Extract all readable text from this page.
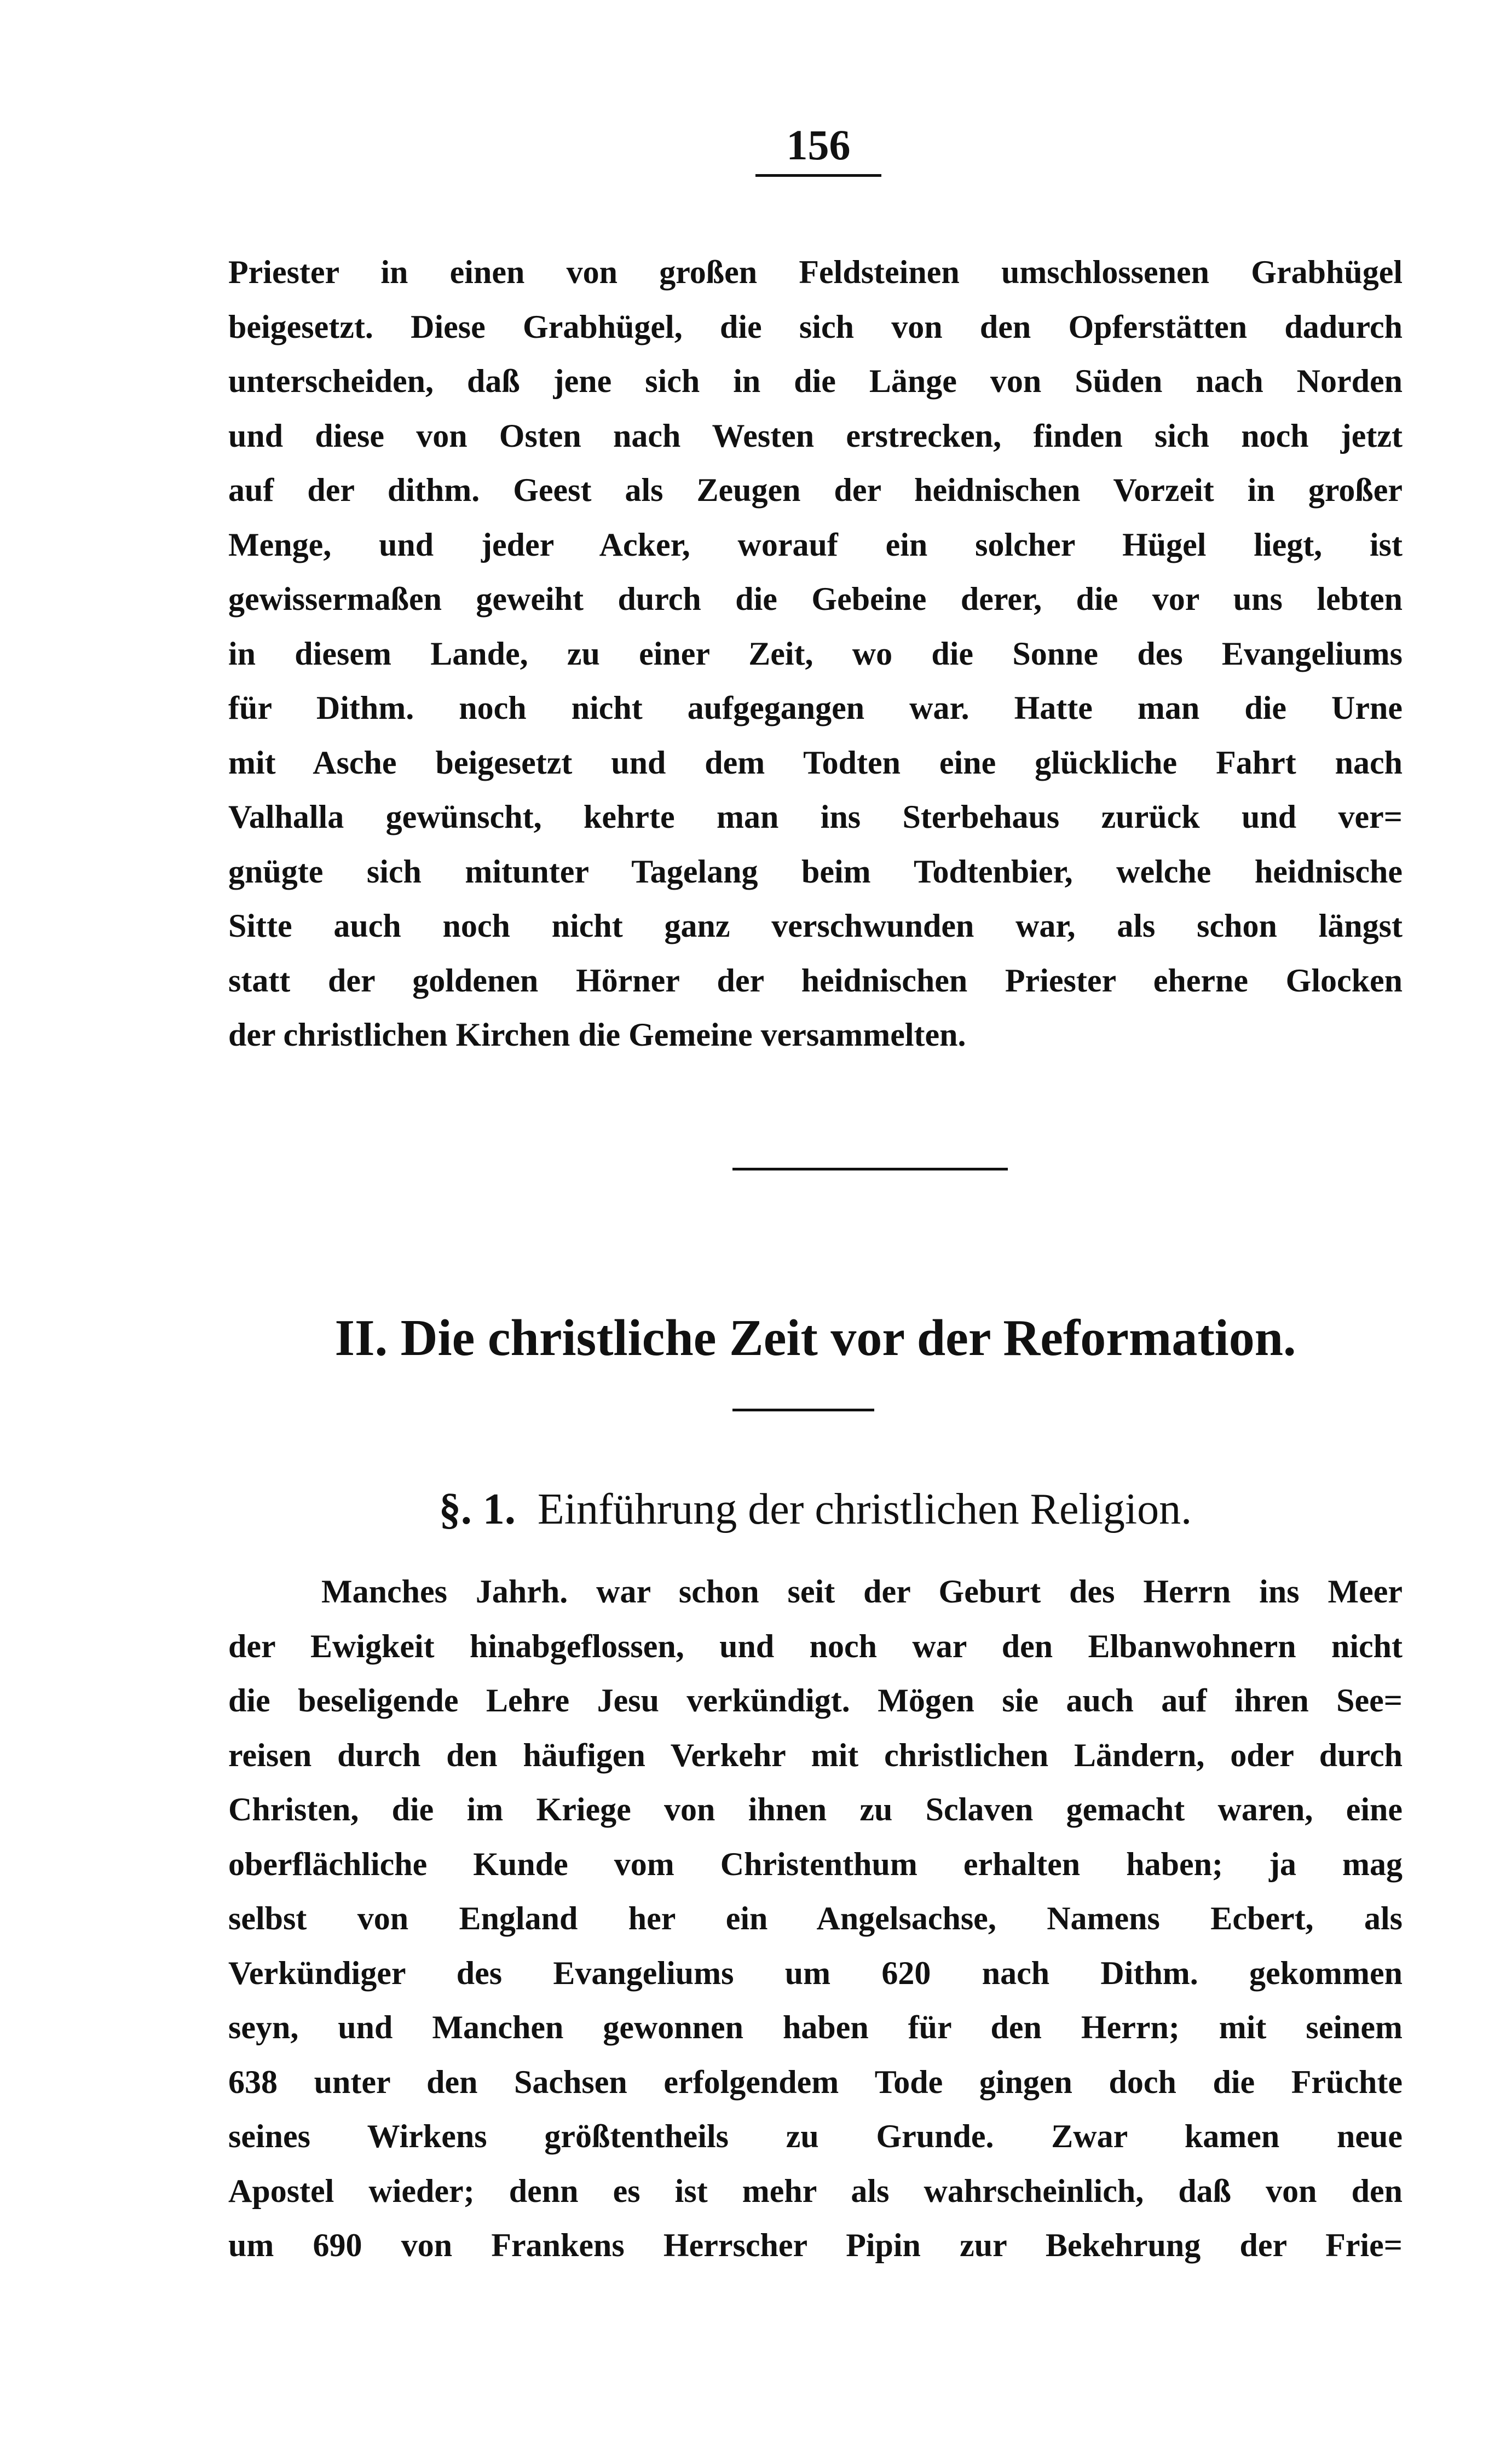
156
Priester in einen von großen Feldsteinen umschlossenen Grabhügel
beigesetzt. Diese Grabhügel, die sich von den Opferstätten dadurch
unterscheiden, daß jene sich in die Länge von Süden nach Norden
und diese von Osten nach Westen erstrecken, finden sich noch jetzt
auf der dithm. Geest als Zeugen der heidnischen Vorzeit in großer
Menge, und jeder Acker, worauf ein solcher Hügel liegt, ist
gewissermaßen geweiht durch die Gebeine derer, die vor uns lebten
in diesem Lande, zu einer Zeit, wo die Sonne des Evangeliums
für Dithm. noch nicht aufgegangen war. Hatte man die Urne
mit Asche beigesetzt und dem Todten eine glückliche Fahrt nach
Valhalla gewünscht, kehrte man ins Sterbehaus zurück und ver=
gnügte sich mitunter Tagelang beim Todtenbier, welche heidnische
Sitte auch noch nicht ganz verschwunden war, als schon längst
statt der goldenen Hörner der heidnischen Priester eherne Glocken
der christlichen Kirchen die Gemeine versammelten.
II. Die christliche Zeit vor der Reformation.
§. 1. Einführung der christlichen Religion.
Manches Jahrh. war schon seit der Geburt des Herrn ins Meer
der Ewigkeit hinabgeflossen, und noch war den Elbanwohnern nicht
die beseligende Lehre Jesu verkündigt. Mögen sie auch auf ihren See=
reisen durch den häufigen Verkehr mit christlichen Ländern, oder durch
Christen, die im Kriege von ihnen zu Sclaven gemacht waren, eine
oberflächliche Kunde vom Christenthum erhalten haben; ja mag
selbst von England her ein Angelsachse, Namens Ecbert, als
Verkündiger des Evangeliums um 620 nach Dithm. gekommen
seyn, und Manchen gewonnen haben für den Herrn; mit seinem
638 unter den Sachsen erfolgendem Tode gingen doch die Früchte
seines Wirkens größtentheils zu Grunde. Zwar kamen neue
Apostel wieder; denn es ist mehr als wahrscheinlich, daß von den
um 690 von Frankens Herrscher Pipin zur Bekehrung der Frie=
